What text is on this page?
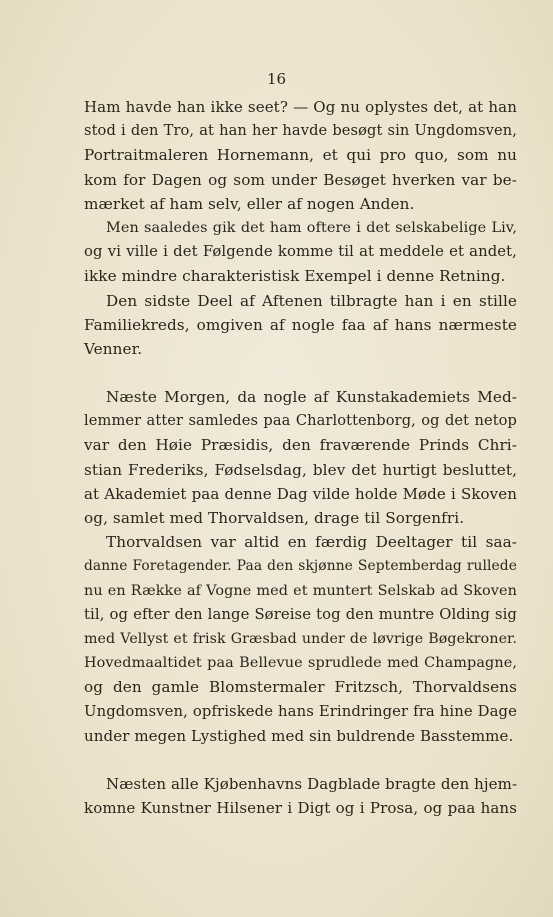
16
Ham havde han ikke seet? — Og nu oplystes det, at han
stod i den Tro, at han her havde besøgt sin Ungdomsven,
Portraitmaleren Hornemann, et qui pro quo, som nu
kom for Dagen og som under Besøget hverken var be-
mærket af ham selv, eller af nogen Anden.
Men saaledes gik det ham oftere i det selskabelige Liv,
og vi ville i det Følgende komme til at meddele et andet,
ikke mindre charakteristisk Exempel i denne Retning.
Den sidste Deel af Aftenen tilbragte han i en stille
Familiekreds, omgiven af nogle faa af hans nærmeste
Venner.
Næste Morgen, da nogle af Kunstakademiets Med-
lemmer atter samledes paa Charlottenborg, og det netop
var den Høie Præsidis, den fraværende Prinds Chri-
stian Frederiks, Fødselsdag, blev det hurtigt besluttet,
at Akademiet paa denne Dag vilde holde Møde i Skoven
og, samlet med Thorvaldsen, drage til Sorgenfri.
Thorvaldsen var altid en færdig Deeltager til saa-
danne Foretagender. Paa den skjønne Septemberdag rullede
nu en Række af Vogne med et muntert Selskab ad Skoven
til, og efter den lange Søreise tog den muntre Olding sig
med Vellyst et frisk Græsbad under de løvrige Bøgekroner.
Hovedmaaltidet paa Bellevue sprudlede med Champagne,
og den gamle Blomstermaler Fritzsch, Thorvaldsens
Ungdomsven, opfriskede hans Erindringer fra hine Dage
under megen Lystighed med sin buldrende Basstemme.
Næsten alle Kjøbenhavns Dagblade bragte den hjem-
komne Kunstner Hilsener i Digt og i Prosa, og paa hans
